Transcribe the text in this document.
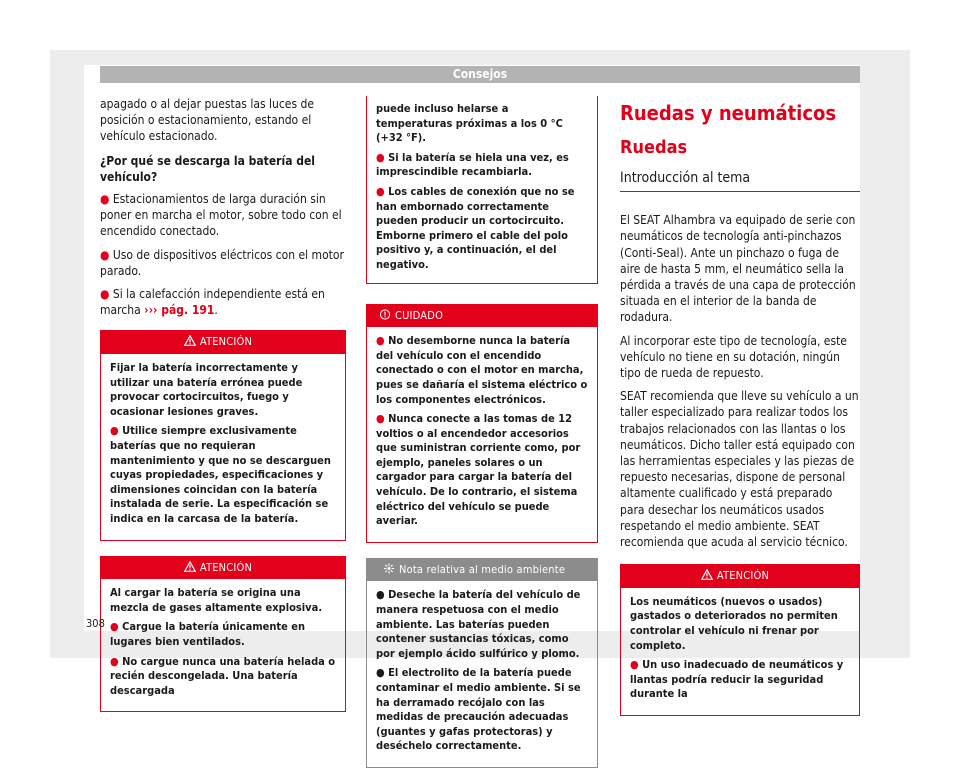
Consejos

apagado o al dejar puestas las luces de posición o estacionamiento, estando el vehículo estacionado.

¿Por qué se descarga la batería del vehículo?

● Estacionamientos de larga duración sin poner en marcha el motor, sobre todo con el encendido conectado.

● Uso de dispositivos eléctricos con el motor parado.

● Si la calefacción independiente está en marcha ››› pág. 191.

ATENCIÓN

Fijar la batería incorrectamente y utilizar una batería errónea puede provocar cortocircuitos, fuego y ocasionar lesiones graves.

● Utilice siempre exclusivamente baterías que no requieran mantenimiento y que no se descarguen cuyas propiedades, especificaciones y dimensiones coincidan con la batería instalada de serie. La especificación se indica en la carcasa de la batería.

ATENCIÓN

Al cargar la batería se origina una mezcla de gases altamente explosiva.

● Cargue la batería únicamente en lugares bien ventilados.

● No cargue nunca una batería helada o recién descongelada. Una batería descargada

puede incluso helarse a temperaturas próximas a los 0 °C (+32 °F).

● Si la batería se hiela una vez, es imprescindible recambiarla.

● Los cables de conexión que no se han embornado correctamente pueden producir un cortocircuito. Emborne primero el cable del polo positivo y, a continuación, el del negativo.

CUIDADO

● No desemborne nunca la batería del vehículo con el encendido conectado o con el motor en marcha, pues se dañaría el sistema eléctrico o los componentes electrónicos.

● Nunca conecte a las tomas de 12 voltios o al encendedor accesorios que suministran corriente como, por ejemplo, paneles solares o un cargador para cargar la batería del vehículo. De lo contrario, el sistema eléctrico del vehículo se puede averiar.

Nota relativa al medio ambiente

● Deseche la batería del vehículo de manera respetuosa con el medio ambiente. Las baterías pueden contener sustancias tóxicas, como por ejemplo ácido sulfúrico y plomo.

● El electrolito de la batería puede contaminar el medio ambiente. Si se ha derramado recójalo con las medidas de precaución adecuadas (guantes y gafas protectoras) y deséchelo correctamente.

Ruedas y neumáticos
Ruedas
Introducción al tema

El SEAT Alhambra va equipado de serie con neumáticos de tecnología anti-pinchazos (Conti-Seal). Ante un pinchazo o fuga de aire de hasta 5 mm, el neumático sella la pérdida a través de una capa de protección situada en el interior de la banda de rodadura.

Al incorporar este tipo de tecnología, este vehículo no tiene en su dotación, ningún tipo de rueda de repuesto.

SEAT recomienda que lleve su vehículo a un taller especializado para realizar todos los trabajos relacionados con las llantas o los neumáticos. Dicho taller está equipado con las herramientas especiales y las piezas de repuesto necesarias, dispone de personal altamente cualificado y está preparado para desechar los neumáticos usados respetando el medio ambiente. SEAT recomienda que acuda al servicio técnico.

ATENCIÓN

Los neumáticos (nuevos o usados) gastados o deteriorados no permiten controlar el vehículo ni frenar por completo.

● Un uso inadecuado de neumáticos y llantas podría reducir la seguridad durante la

308
